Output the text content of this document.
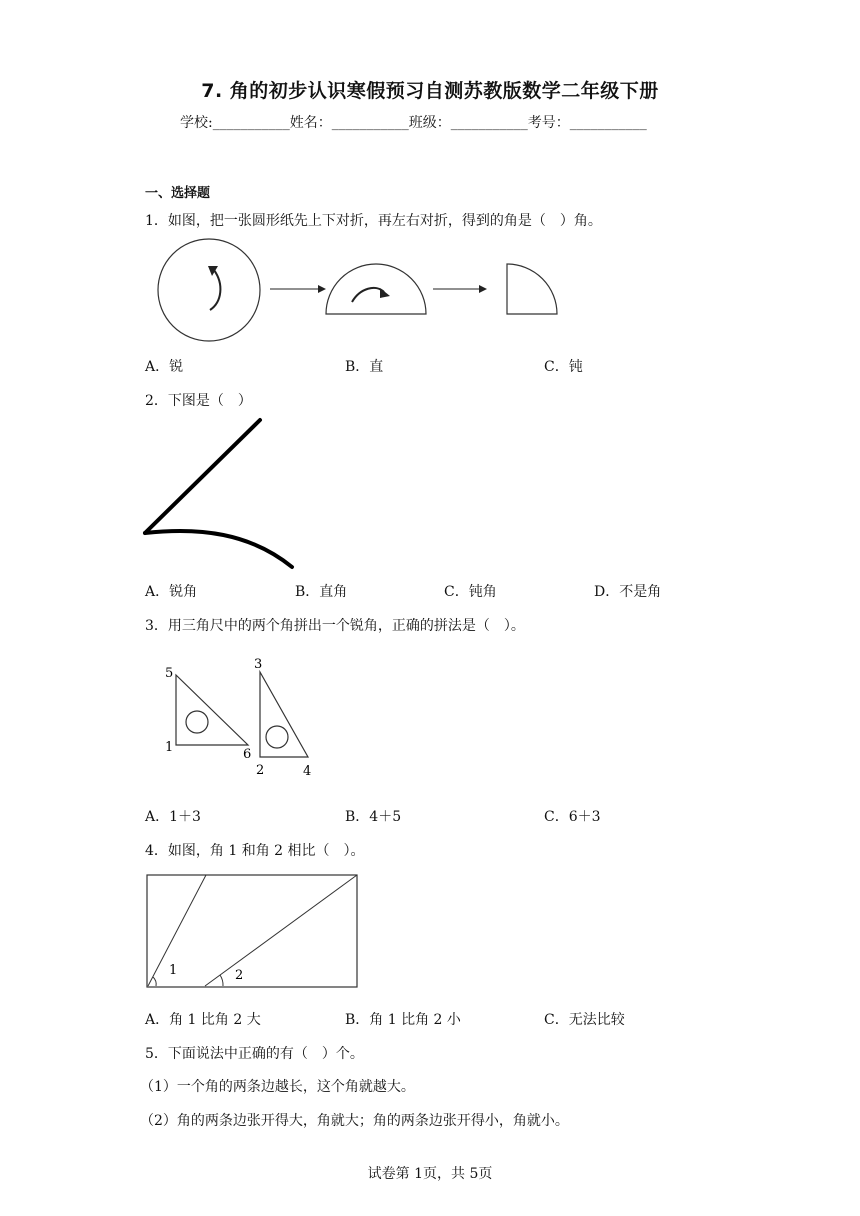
7. 角的初步认识寒假预习自测苏教版数学二年级下册
学校:___________姓名：___________班级：___________考号：___________
一、选择题
1．如图，把一张圆形纸先上下对折，再左右对折，得到的角是（　）角。
A．锐	B．直	C．钝
2．下图是（　）
A．锐角	B．直角	C．钝角	D．不是角
3．用三角尺中的两个角拼出一个锐角，正确的拼法是（　）。
5
1	6
3
2	4
A．1＋3	B．4＋5	C．6＋3
4．如图，角 1 和角 2 相比（　）。
1	2
A．角 1 比角 2 大	B．角 1 比角 2 小	C．无法比较
5．下面说法中正确的有（　）个。
（1）一个角的两条边越长，这个角就越大。
（2）角的两条边张开得大，角就大；角的两条边张开得小，角就小。
试卷第 1页，共 5页
